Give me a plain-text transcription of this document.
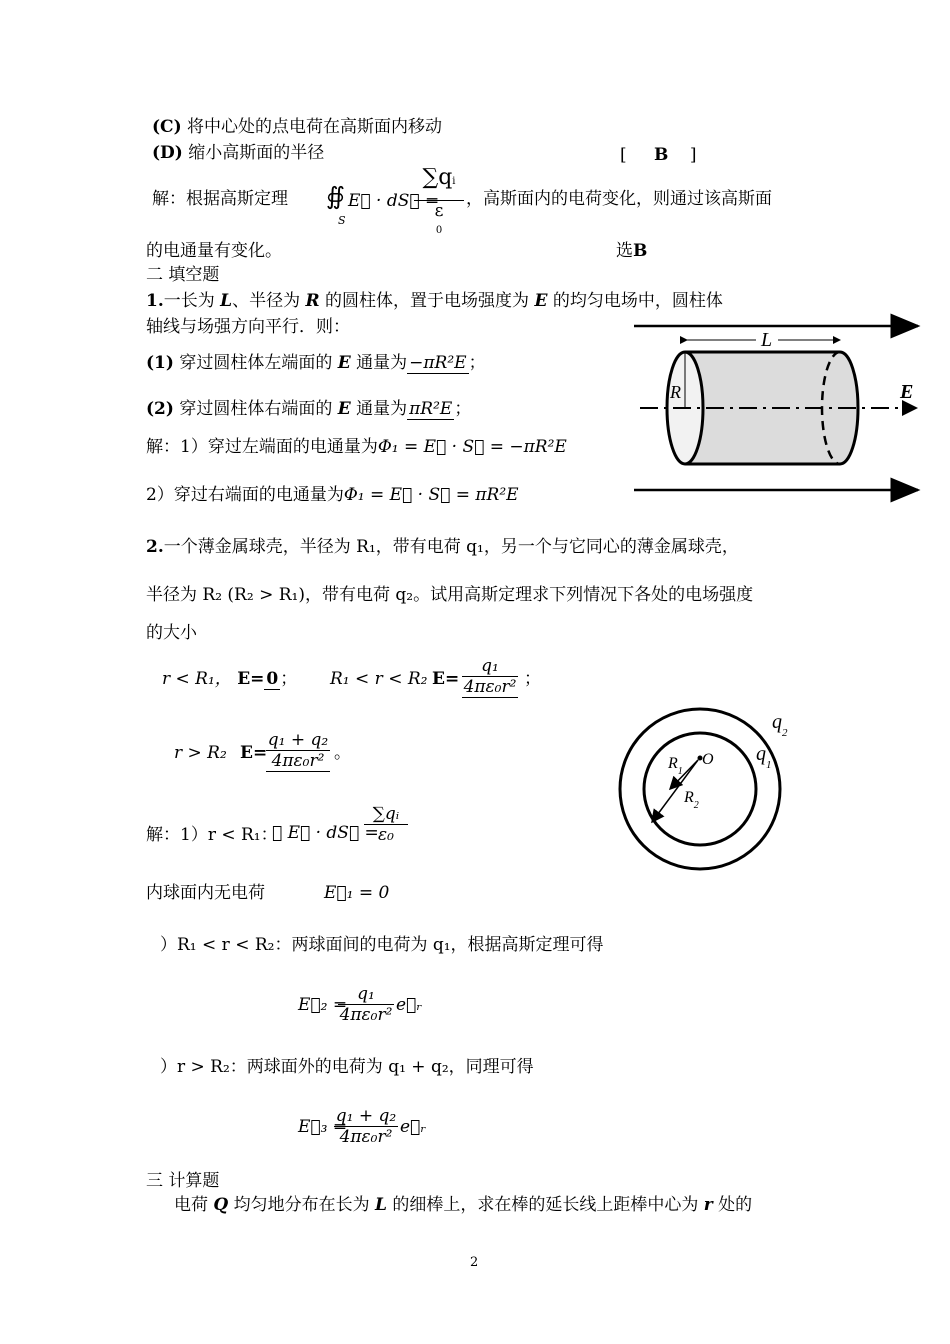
(C) 将中心处的点电荷在高斯面内移动
(D) 缩小高斯面的半径	[ B ]
解：根据高斯定理 ∯
S
E⃗ · dS⃗ =
∑qi
ε
0
，高斯面内的电荷变化，则通过该高斯面
的电通量有变化。	选B
二 填空题
1.一长为 L、半径为 R 的圆柱体，置于电场强度为 E 的均匀电场中，圆柱体
轴线与场强方向平行．则：
(1) 穿过圆柱体左端面的 E 通量为 −πR²E ；
(2) 穿过圆柱体右端面的 E 通量为 πR²E ；
解：1）穿过左端面的电通量为Φ₁ = E⃗ · S⃗ = −πR²E
2）穿过右端面的电通量为Φ₁ = E⃗ · S⃗ = πR²E
L
R	E
2.一个薄金属球壳，半径为 R₁，带有电荷 q₁，另一个与它同心的薄金属球壳，
半径为 R₂ (R₂ > R₁)，带有电荷 q₂。试用高斯定理求下列情况下各处的电场强度
的大小
r < R₁， E= 0 ； R₁ < r < R₂ $E= \frac{\text{q₁}}{\text{4πε₀r²}}$ ；
r > R₂ E=
$\frac{\text{q₁ + q₂}}{\text{4πε₀r²}}$ 。
解：1）r < R₁：
∯ E⃗ · dS⃗ =
$\frac{\text{∑qᵢ}}{\text{ε₀}}$
内球面内无电荷	E⃗₁ = 0
）R₁ < r < R₂：两球面间的电荷为 q₁，根据高斯定理可得
E⃗₂ =
$\frac{\text{q₁}}{\text{4πε₀r²}}$ e⃗ᵣ
）r > R₂：两球面外的电荷为 q₁ + q₂，同理可得
E⃗₃ =
$\frac{\text{q₁ + q₂}}{\text{4πε₀r²}}$ e⃗ᵣ
$q_2$
$q_1$
$R_1$
O
$R_2$
三 计算题
电荷 Q 均匀地分布在长为 L 的细棒上，求在棒的延长线上距棒中心为 r 处的
2
